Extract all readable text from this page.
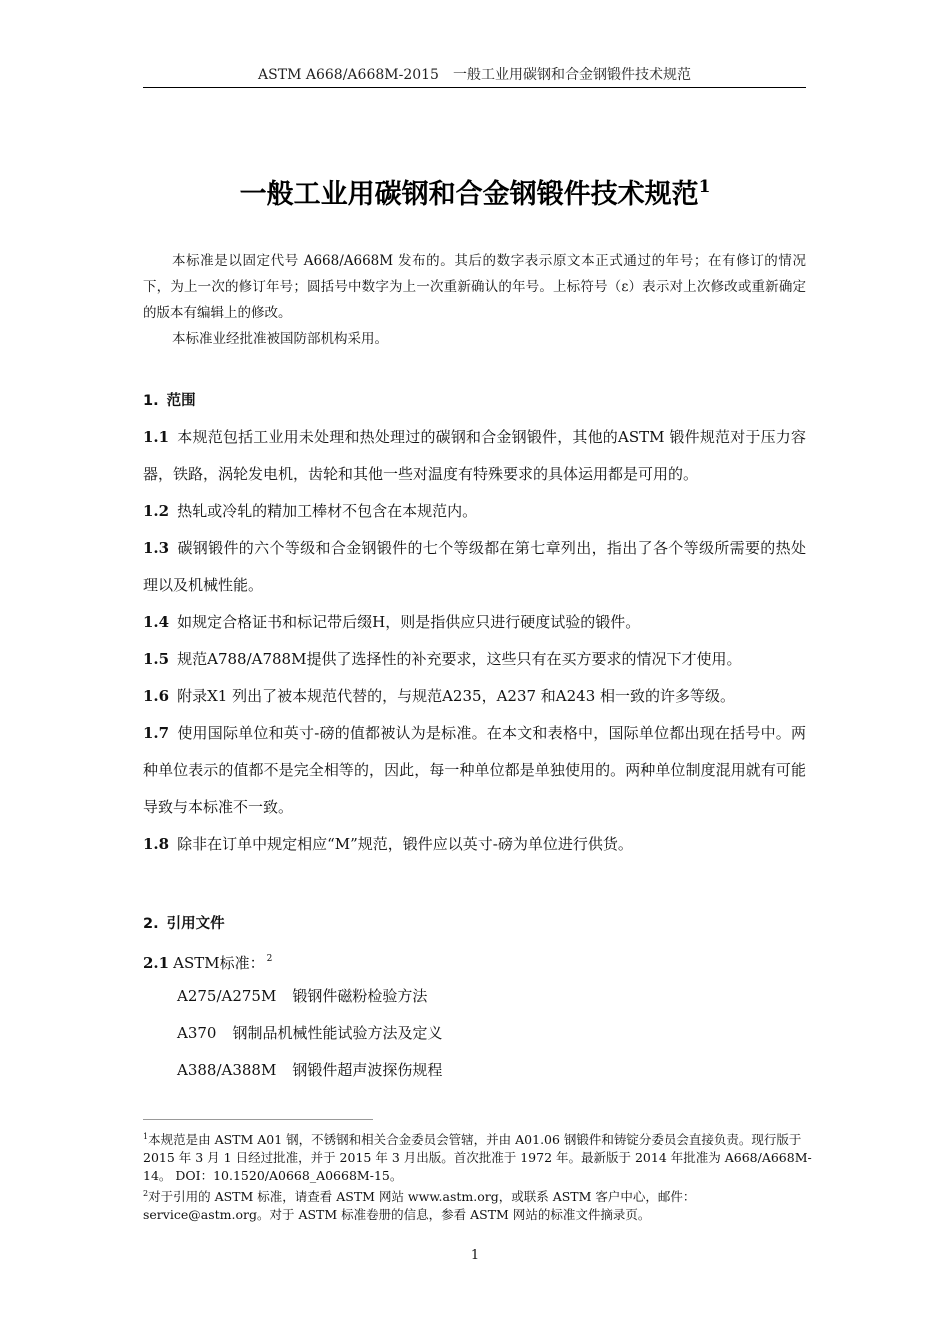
ASTM A668/A668M-2015　一般工业用碳钢和合金钢锻件技术规范
一般工业用碳钢和合金钢锻件技术规范$^1$

本标准是以固定代号 A668/A668M 发布的。其后的数字表示原文本正式通过的年号；在有修订的情况下，为上一次的修订年号；圆括号中数字为上一次重新确认的年号。上标符号（ε）表示对上次修改或重新确定的版本有编辑上的修改。

本标准业经批准被国防部机构采用。

1. 范围

1.1 本规范包括工业用未处理和热处理过的碳钢和合金钢锻件，其他的ASTM 锻件规范对于压力容器，铁路，涡轮发电机，齿轮和其他一些对温度有特殊要求的具体运用都是可用的。

1.2 热轧或冷轧的精加工棒材不包含在本规范内。

1.3 碳钢锻件的六个等级和合金钢锻件的七个等级都在第七章列出，指出了各个等级所需要的热处理以及机械性能。

1.4 如规定合格证书和标记带后缀H，则是指供应只进行硬度试验的锻件。

1.5 规范A788/A788M提供了选择性的补充要求，这些只有在买方要求的情况下才使用。

1.6 附录X1 列出了被本规范代替的，与规范A235，A237 和A243 相一致的许多等级。

1.7 使用国际单位和英寸-磅的值都被认为是标准。在本文和表格中，国际单位都出现在括号中。两种单位表示的值都不是完全相等的，因此，每一种单位都是单独使用的。两种单位制度混用就有可能导致与本标准不一致。

1.8 除非在订单中规定相应“M”规范，锻件应以英寸-磅为单位进行供货。

2. 引用文件

2.1 ASTM标准： $^2$

A275/A275M 锻钢件磁粉检验方法

A370 钢制品机械性能试验方法及定义

A388/A388M 钢锻件超声波探伤规程

$^1$本规范是由 ASTM A01 钢，不锈钢和相关合金委员会管辖，并由 A01.06 钢锻件和铸锭分委员会直接负责。现行版于 2015 年 3 月 1 日经过批准，并于 2015 年 3 月出版。首次批准于 1972 年。最新版于 2014 年批准为 A668/A668M-14。 DOI：10.1520/A0668_A0668M-15。

$^2$对于引用的 ASTM 标准，请查看 ASTM 网站 www.astm.org，或联系 ASTM 客户中心，邮件：service@astm.org。对于 ASTM 标准卷册的信息，参看 ASTM 网站的标准文件摘录页。

1
